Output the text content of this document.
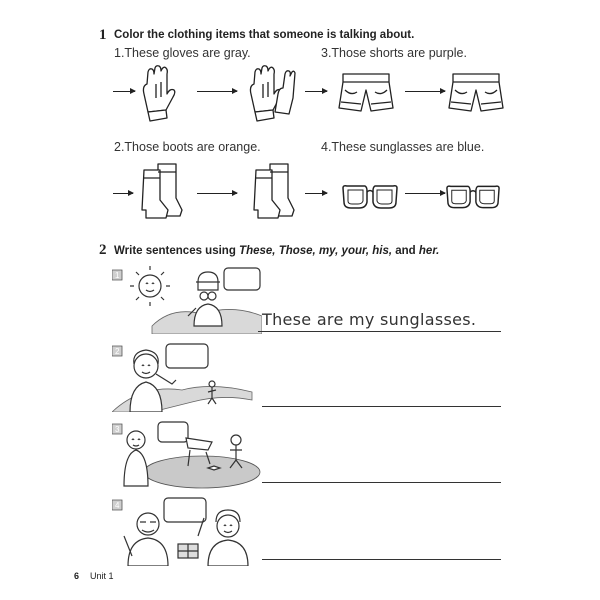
1 Color the clothing items that someone is talking about.
1.These gloves are gray.	3.Those shorts are purple.
2.Those boots are orange.	4.These sunglasses are blue.
2 Write sentences using These, Those, my, your, his, and her.
1
These are my sunglasses.
2
3
4
6 Unit 1
